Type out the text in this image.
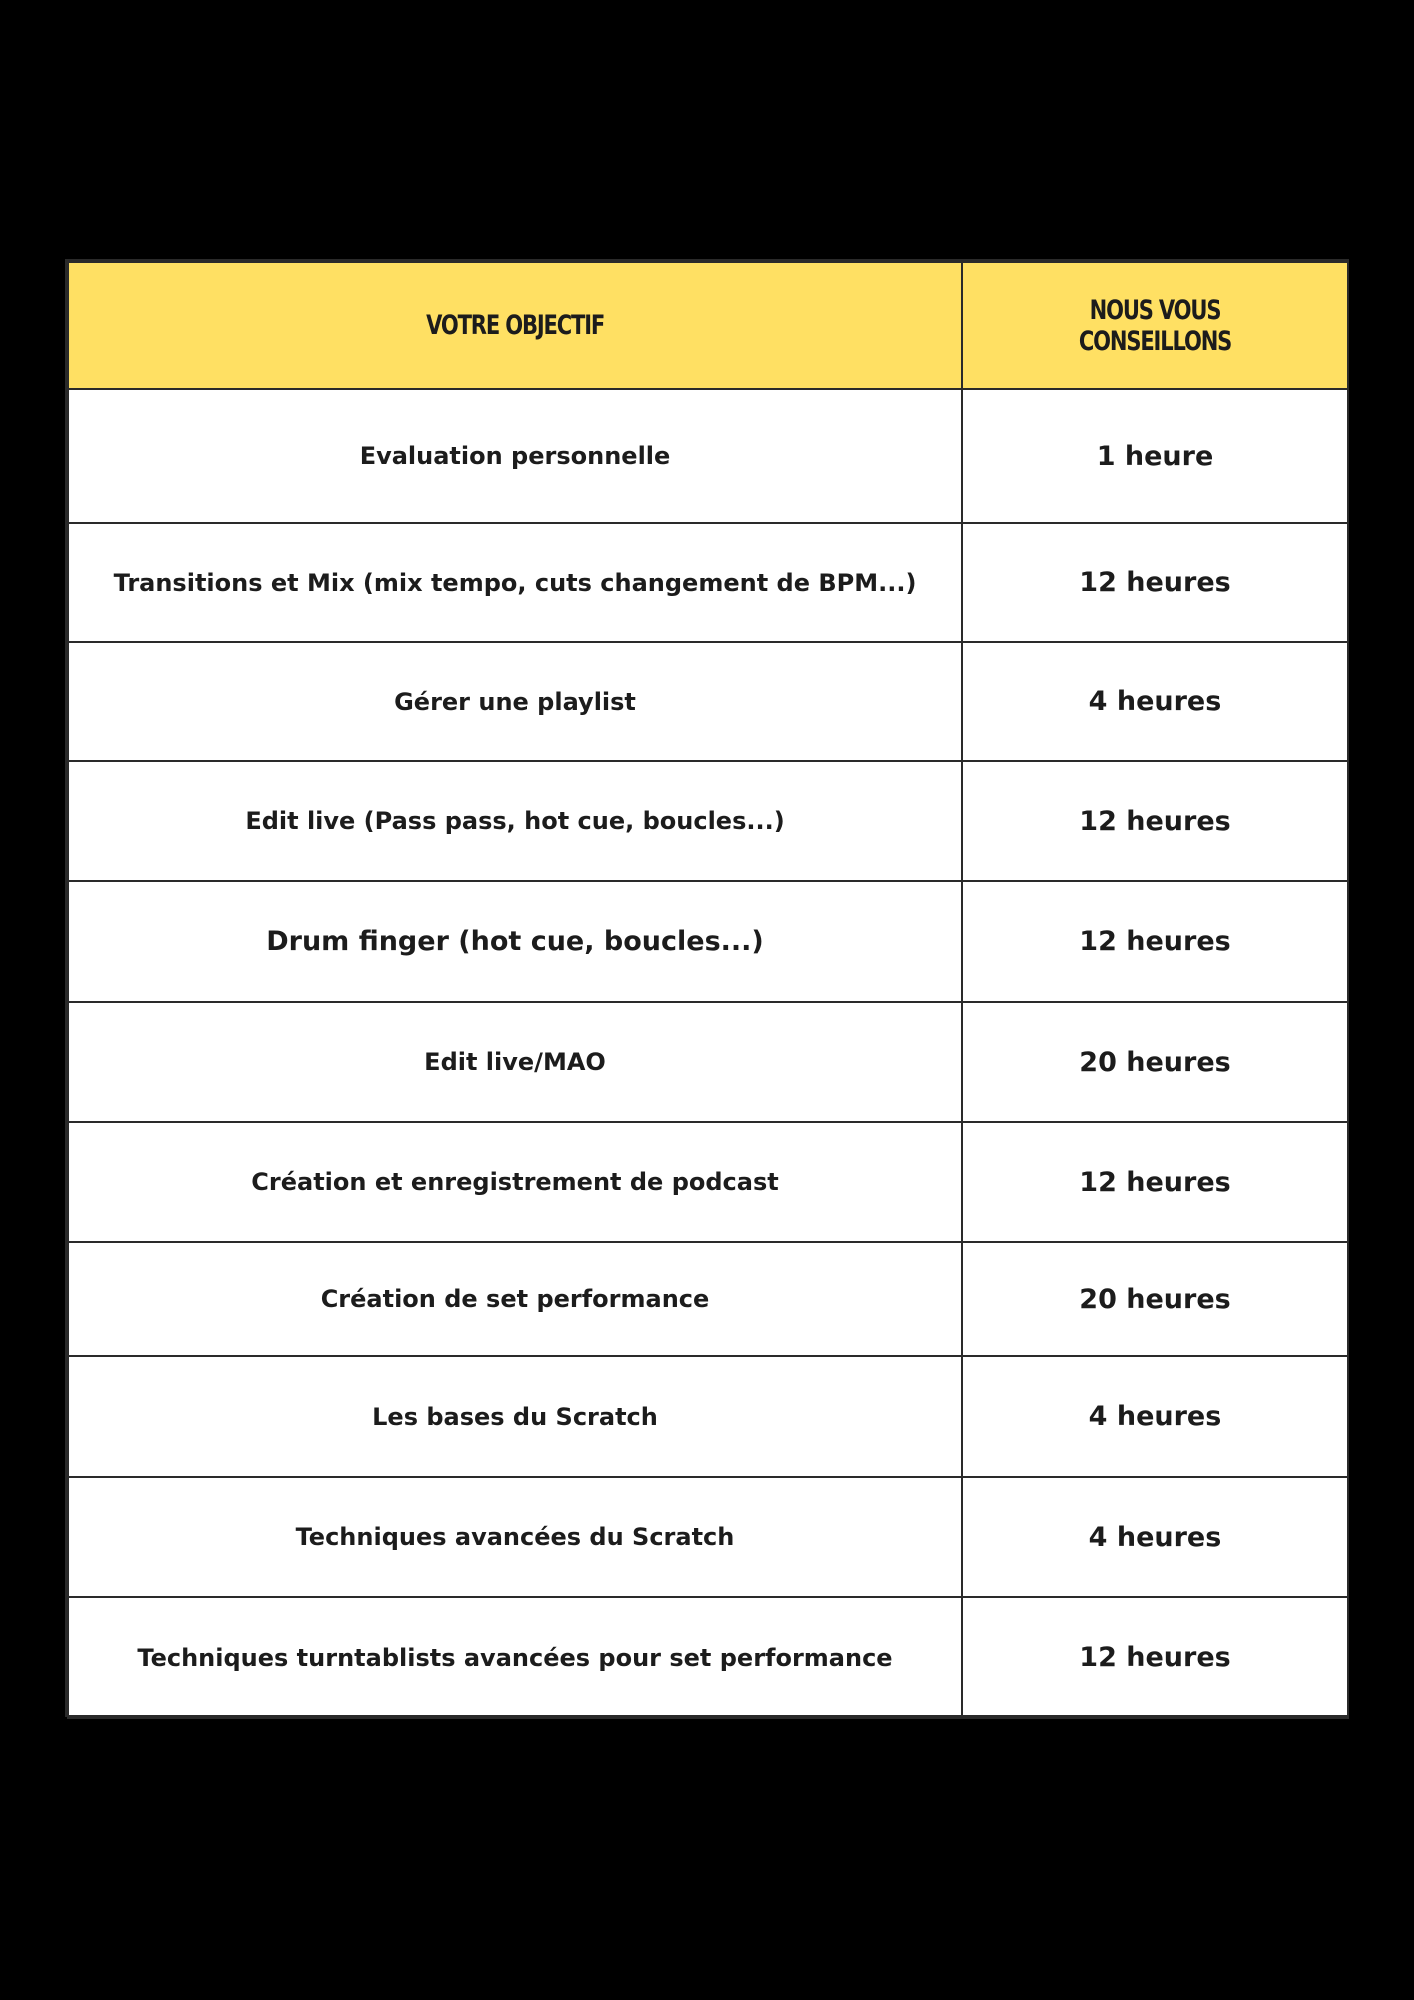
VOTRE OBJECTIF	NOUS VOUS CONSEILLONS
Evaluation personnelle	1 heure
Transitions et Mix (mix tempo, cuts changement de BPM...)	12 heures
Gérer une playlist	4 heures
Edit live (Pass pass, hot cue, boucles...)	12 heures
Drum finger (hot cue, boucles...)	12 heures
Edit live/MAO	20 heures
Création et enregistrement de podcast	12 heures
Création de set performance	20 heures
Les bases du Scratch	4 heures
Techniques avancées du Scratch	4 heures
Techniques turntablists avancées pour set performance	12 heures
